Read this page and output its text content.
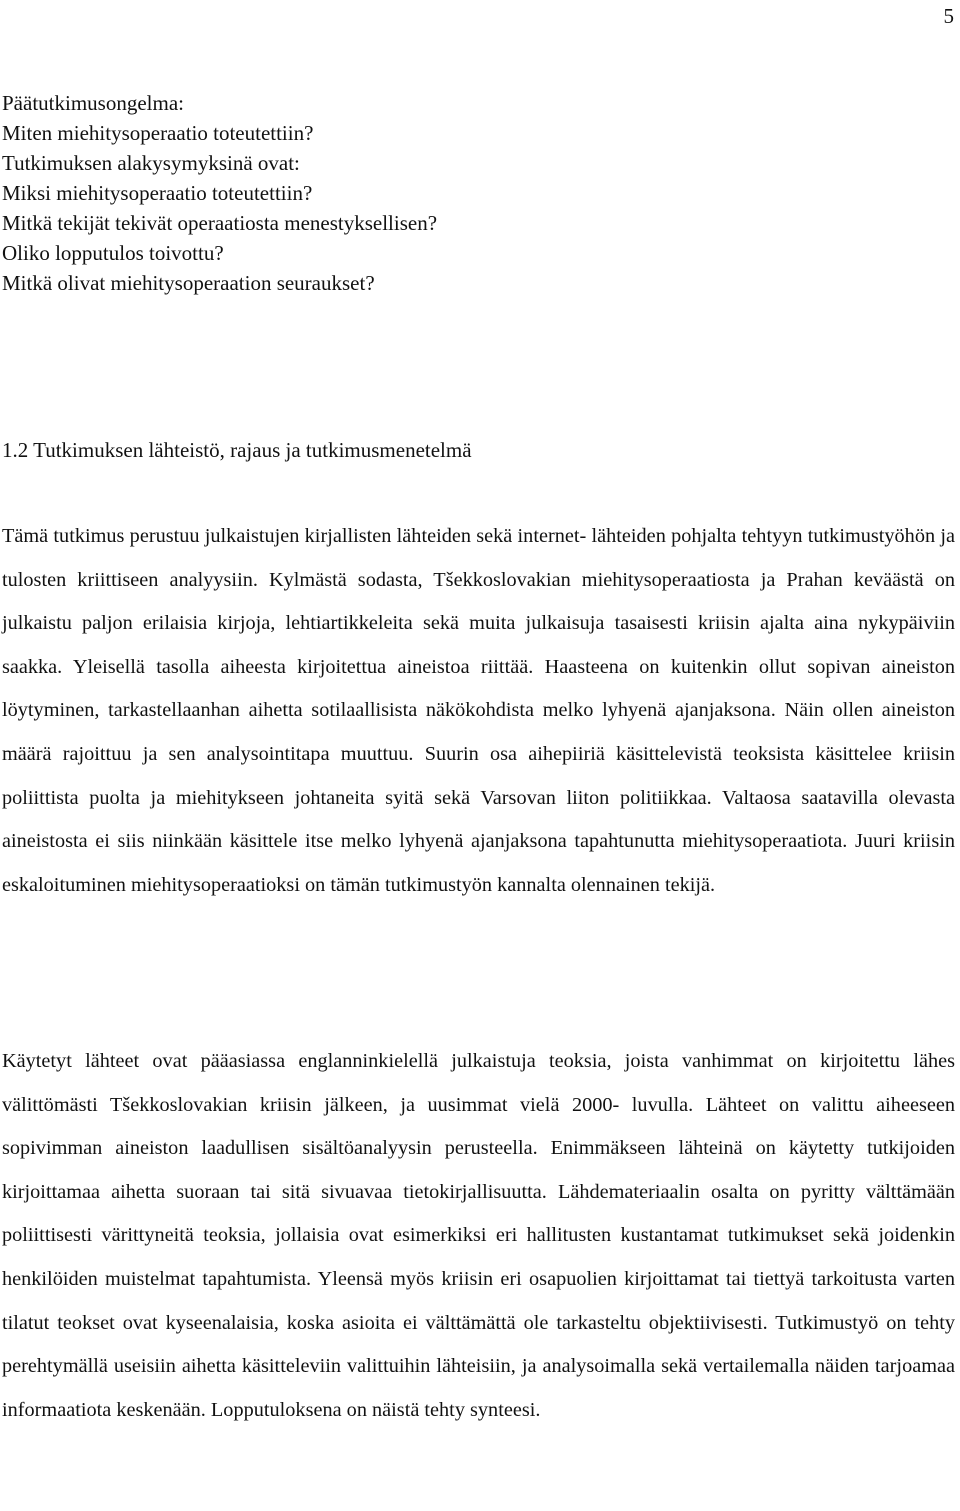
5
Päätutkimusongelma:
Miten miehitysoperaatio toteutettiin?
Tutkimuksen alakysymyksinä ovat:
Miksi miehitysoperaatio toteutettiin?
Mitkä tekijät tekivät operaatiosta menestyksellisen?
Oliko lopputulos toivottu?
Mitkä olivat miehitysoperaation seuraukset?
1.2 Tutkimuksen lähteistö, rajaus ja tutkimusmenetelmä

Tämä tutkimus perustuu julkaistujen kirjallisten lähteiden sekä internet- lähteiden pohjalta tehtyyn tutkimustyöhön ja tulosten kriittiseen analyysiin. Kylmästä sodasta, Tšekkoslovakian miehitysoperaatiosta ja Prahan keväästä on julkaistu paljon erilaisia kirjoja, lehtiartikkeleita sekä muita julkaisuja tasaisesti kriisin ajalta aina nykypäiviin saakka. Yleisellä tasolla aiheesta kirjoitettua aineistoa riittää. Haasteena on kuitenkin ollut sopivan aineiston löytyminen, tarkastellaanhan aihetta sotilaallisista näkökohdista melko lyhyenä ajanjaksona. Näin ollen aineiston määrä rajoittuu ja sen analysointitapa muuttuu. Suurin osa aihepiiriä käsittelevistä teoksista käsittelee kriisin poliittista puolta ja miehitykseen johtaneita syitä sekä Varsovan liiton politiikkaa. Valtaosa saatavilla olevasta aineistosta ei siis niinkään käsittele itse melko lyhyenä ajanjaksona tapahtunutta miehitysoperaatiota. Juuri kriisin eskaloituminen miehitysoperaatioksi on tämän tutkimustyön kannalta olennainen tekijä.

Käytetyt lähteet ovat pääasiassa englanninkielellä julkaistuja teoksia, joista vanhimmat on kirjoitettu lähes välittömästi Tšekkoslovakian kriisin jälkeen, ja uusimmat vielä 2000- luvulla. Lähteet on valittu aiheeseen sopivimman aineiston laadullisen sisältöanalyysin perusteella. Enimmäkseen lähteinä on käytetty tutkijoiden kirjoittamaa aihetta suoraan tai sitä sivuavaa tietokirjallisuutta. Lähdemateriaalin osalta on pyritty välttämään poliittisesti värittyneitä teoksia, jollaisia ovat esimerkiksi eri hallitusten kustantamat tutkimukset sekä joidenkin henkilöiden muistelmat tapahtumista. Yleensä myös kriisin eri osapuolien kirjoittamat tai tiettyä tarkoitusta varten tilatut teokset ovat kyseenalaisia, koska asioita ei välttämättä ole tarkasteltu objektiivisesti. Tutkimustyö on tehty perehtymällä useisiin aihetta käsitteleviin valittuihin lähteisiin, ja analysoimalla sekä vertailemalla näiden tarjoamaa informaatiota keskenään. Lopputuloksena on näistä tehty synteesi.
